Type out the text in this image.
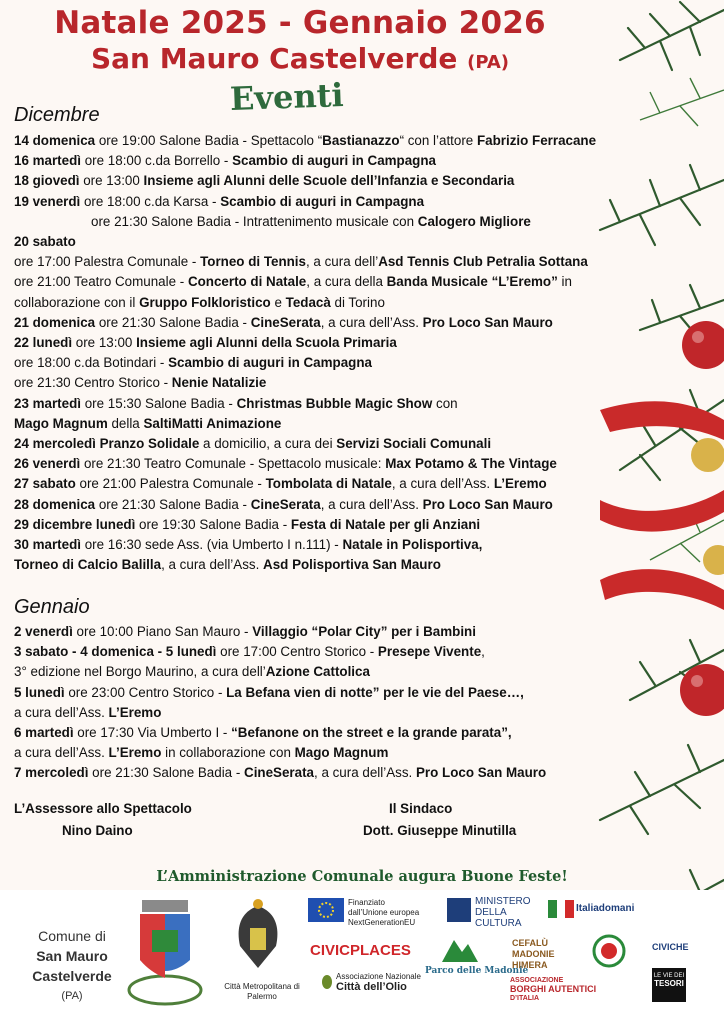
Natale 2025 - Gennaio 2026
San Mauro Castelverde (PA)
Eventi
Dicembre
14 domenica ore 19:00 Salone Badia - Spettacolo “Bastianazzo“ con l’attore Fabrizio Ferracane
16 martedì ore 18:00 c.da Borrello - Scambio di auguri in Campagna
18 giovedì ore 13:00 Insieme agli Alunni delle Scuole dell’Infanzia e Secondaria
19 venerdì ore 18:00 c.da Karsa - Scambio di auguri in Campagna
ore 21:30 Salone Badia - Intrattenimento musicale con Calogero Migliore
20 sabato
ore 17:00 Palestra Comunale - Torneo di Tennis, a cura dell’Asd Tennis Club Petralia Sottana
ore 21:00 Teatro Comunale - Concerto di Natale, a cura della Banda Musicale “L’Eremo” in
collaborazione con il Gruppo Folkloristico e Tedacà di Torino
21 domenica ore 21:30 Salone Badia - CineSerata, a cura dell’Ass. Pro Loco San Mauro
22 lunedì ore 13:00 Insieme agli Alunni della Scuola Primaria
ore 18:00 c.da Botindari - Scambio di auguri in Campagna
ore 21:30 Centro Storico - Nenie Natalizie
23 martedì ore 15:30 Salone Badia - Christmas Bubble Magic Show con
Mago Magnum della SaltiMatti Animazione
24 mercoledì Pranzo Solidale a domicilio, a cura dei Servizi Sociali Comunali
26 venerdì ore 21:30 Teatro Comunale - Spettacolo musicale: Max Potamo & The Vintage
27 sabato ore 21:00 Palestra Comunale - Tombolata di Natale, a cura dell’Ass. L’Eremo
28 domenica ore 21:30 Salone Badia - CineSerata, a cura dell’Ass. Pro Loco San Mauro
29 dicembre lunedì ore 19:30 Salone Badia - Festa di Natale per gli Anziani
30 martedì ore 16:30 sede Ass. (via Umberto I n.111) - Natale in Polisportiva,
Torneo di Calcio Balilla, a cura dell’Ass. Asd Polisportiva San Mauro
Gennaio
2 venerdì ore 10:00 Piano San Mauro - Villaggio “Polar City” per i Bambini
3 sabato - 4 domenica - 5 lunedì ore 17:00 Centro Storico - Presepe Vivente,
3° edizione nel Borgo Maurino, a cura dell’Azione Cattolica
5 lunedì ore 23:00 Centro Storico - La Befana vien di notte” per le vie del Paese…,
a cura dell’Ass. L’Eremo
6 martedì ore 17:30 Via Umberto I - “Befanone on the street e la grande parata”,
a cura dell’Ass. L’Eremo in collaborazione con Mago Magnum
7 mercoledì ore 21:30 Salone Badia - CineSerata, a cura dell’Ass. Pro Loco San Mauro
L’Assessore allo Spettacolo
Nino Daino
Il Sindaco
Dott. Giuseppe Minutilla
L’Amministrazione Comunale augura Buone Feste!
Comune di
San Mauro
Castelverde
(PA)
Città Metropolitana di Palermo
Finanziato
dall’Unione europea
NextGenerationEU
MINISTERO
DELLA
CULTURA
Italiadomani
CIVICPLACES
Parco delle Madonie
CEFALÙ MADONIE HIMERA
CIVICHE
Associazione Nazionale
Città dell’Olio
ASSOCIAZIONE
BORGHI AUTENTICI
D’ITALIA
LE VIE DEI
TESORI
